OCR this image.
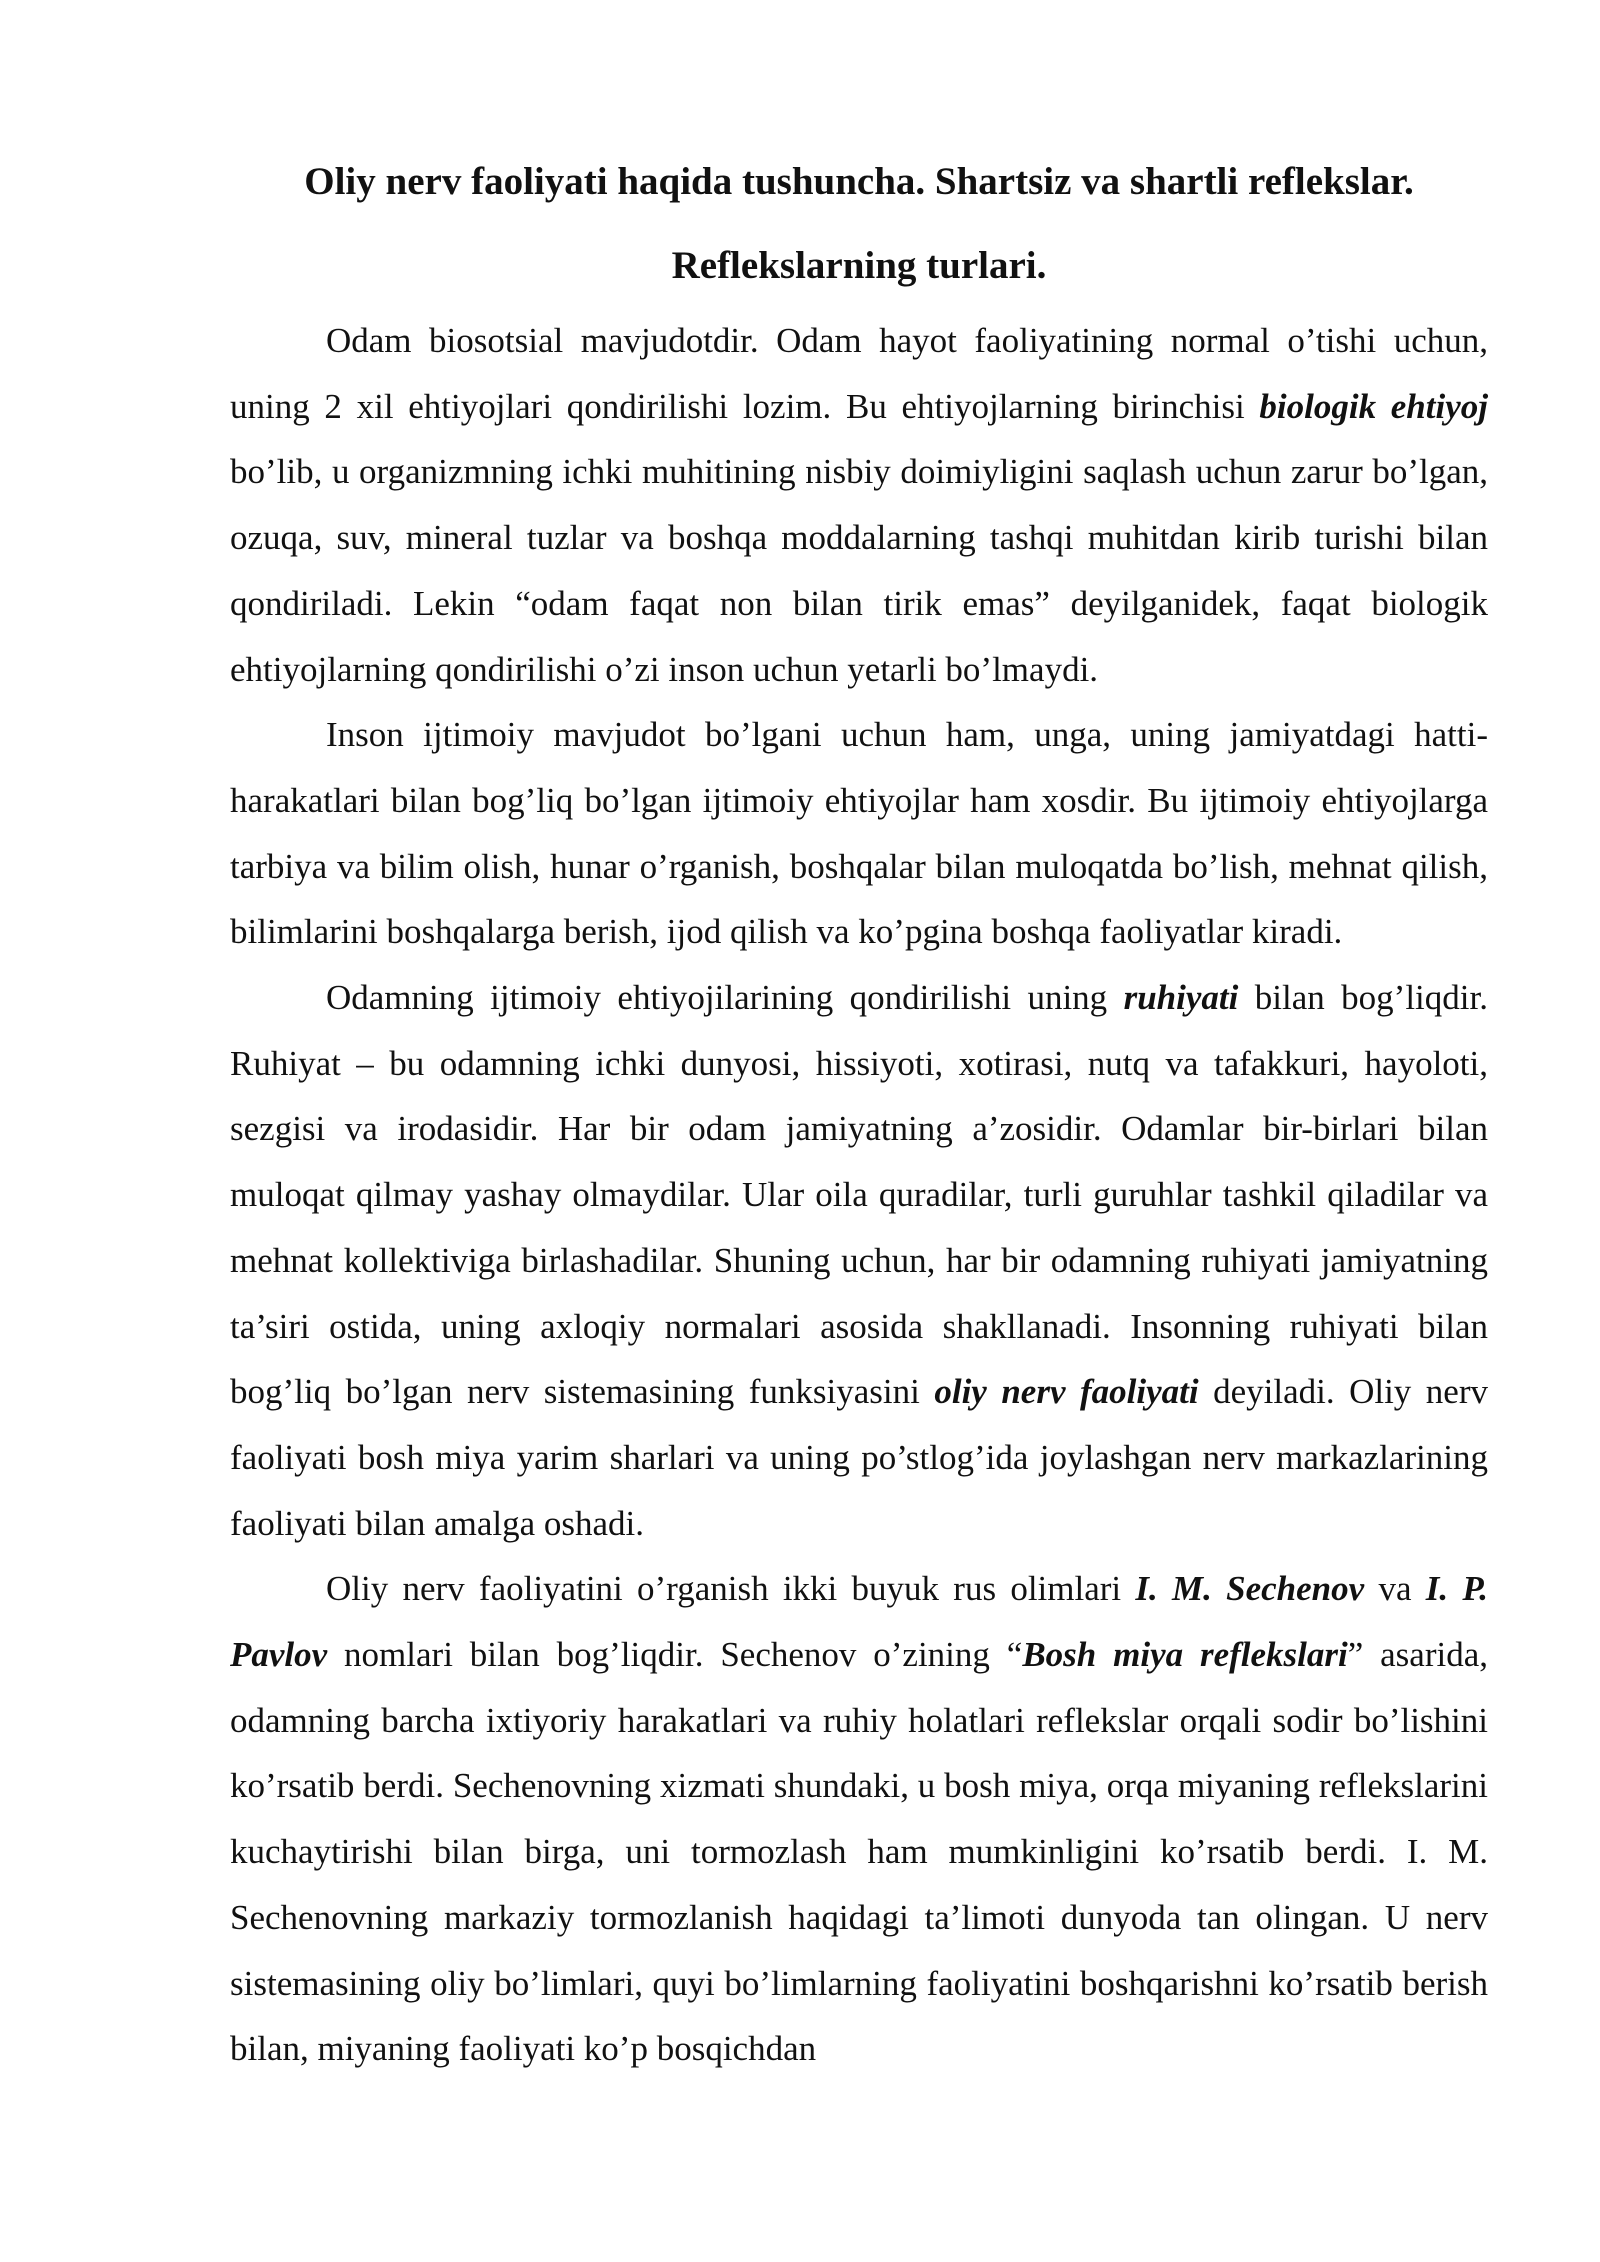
Oliy nerv faoliyati haqida tushuncha. Shartsiz va shartli reflekslar.
Reflekslarning turlari.

Odam biosotsial mavjudotdir. Odam hayot faoliyatining normal o’tishi uchun, uning 2 xil ehtiyojlari qondirilishi lozim. Bu ehtiyojlarning birinchisi biologik ehtiyoj bo’lib, u organizmning ichki muhitining nisbiy doimiyligini saqlash uchun zarur bo’lgan, ozuqa, suv, mineral tuzlar va boshqa moddalarning tashqi muhitdan kirib turishi bilan qondiriladi. Lekin “odam faqat non bilan tirik emas” deyilganidek, faqat biologik ehtiyojlarning qondirilishi o’zi inson uchun yetarli bo’lmaydi.

Inson ijtimoiy mavjudot bo’lgani uchun ham, unga, uning jamiyatdagi hatti-harakatlari bilan bog’liq bo’lgan ijtimoiy ehtiyojlar ham xosdir. Bu ijtimoiy ehtiyojlarga tarbiya va bilim olish, hunar o’rganish, boshqalar bilan muloqatda bo’lish, mehnat qilish, bilimlarini boshqalarga berish, ijod qilish va ko’pgina boshqa faoliyatlar kiradi.

Odamning ijtimoiy ehtiyojilarining qondirilishi uning ruhiyati bilan bog’liqdir. Ruhiyat – bu odamning ichki dunyosi, hissiyoti, xotirasi, nutq va tafakkuri, hayoloti, sezgisi va irodasidir. Har bir odam jamiyatning a’zosidir. Odamlar bir-birlari bilan muloqat qilmay yashay olmaydilar. Ular oila quradilar, turli guruhlar tashkil qiladilar va mehnat kollektiviga birlashadilar. Shuning uchun, har bir odamning ruhiyati jamiyatning ta’siri ostida, uning axloqiy normalari asosida shakllanadi. Insonning ruhiyati bilan bog’liq bo’lgan nerv sistemasining funksiyasini oliy nerv faoliyati deyiladi. Oliy nerv faoliyati bosh miya yarim sharlari va uning po’stlog’ida joylashgan nerv markazlarining faoliyati bilan amalga oshadi.

Oliy nerv faoliyatini o’rganish ikki buyuk rus olimlari I. M. Sechenov va I. P. Pavlov nomlari bilan bog’liqdir. Sechenov o’zining “Bosh miya reflekslari” asarida, odamning barcha ixtiyoriy harakatlari va ruhiy holatlari reflekslar orqali sodir bo’lishini ko’rsatib berdi. Sechenovning xizmati shundaki, u bosh miya, orqa miyaning reflekslarini kuchaytirishi bilan birga, uni tormozlash ham mumkinligini ko’rsatib berdi. I. M. Sechenovning markaziy tormozlanish haqidagi ta’limoti dunyoda tan olingan. U nerv sistemasining oliy bo’limlari, quyi bo’limlarning faoliyatini boshqarishni ko’rsatib berish bilan, miyaning faoliyati ko’p bosqichdan
